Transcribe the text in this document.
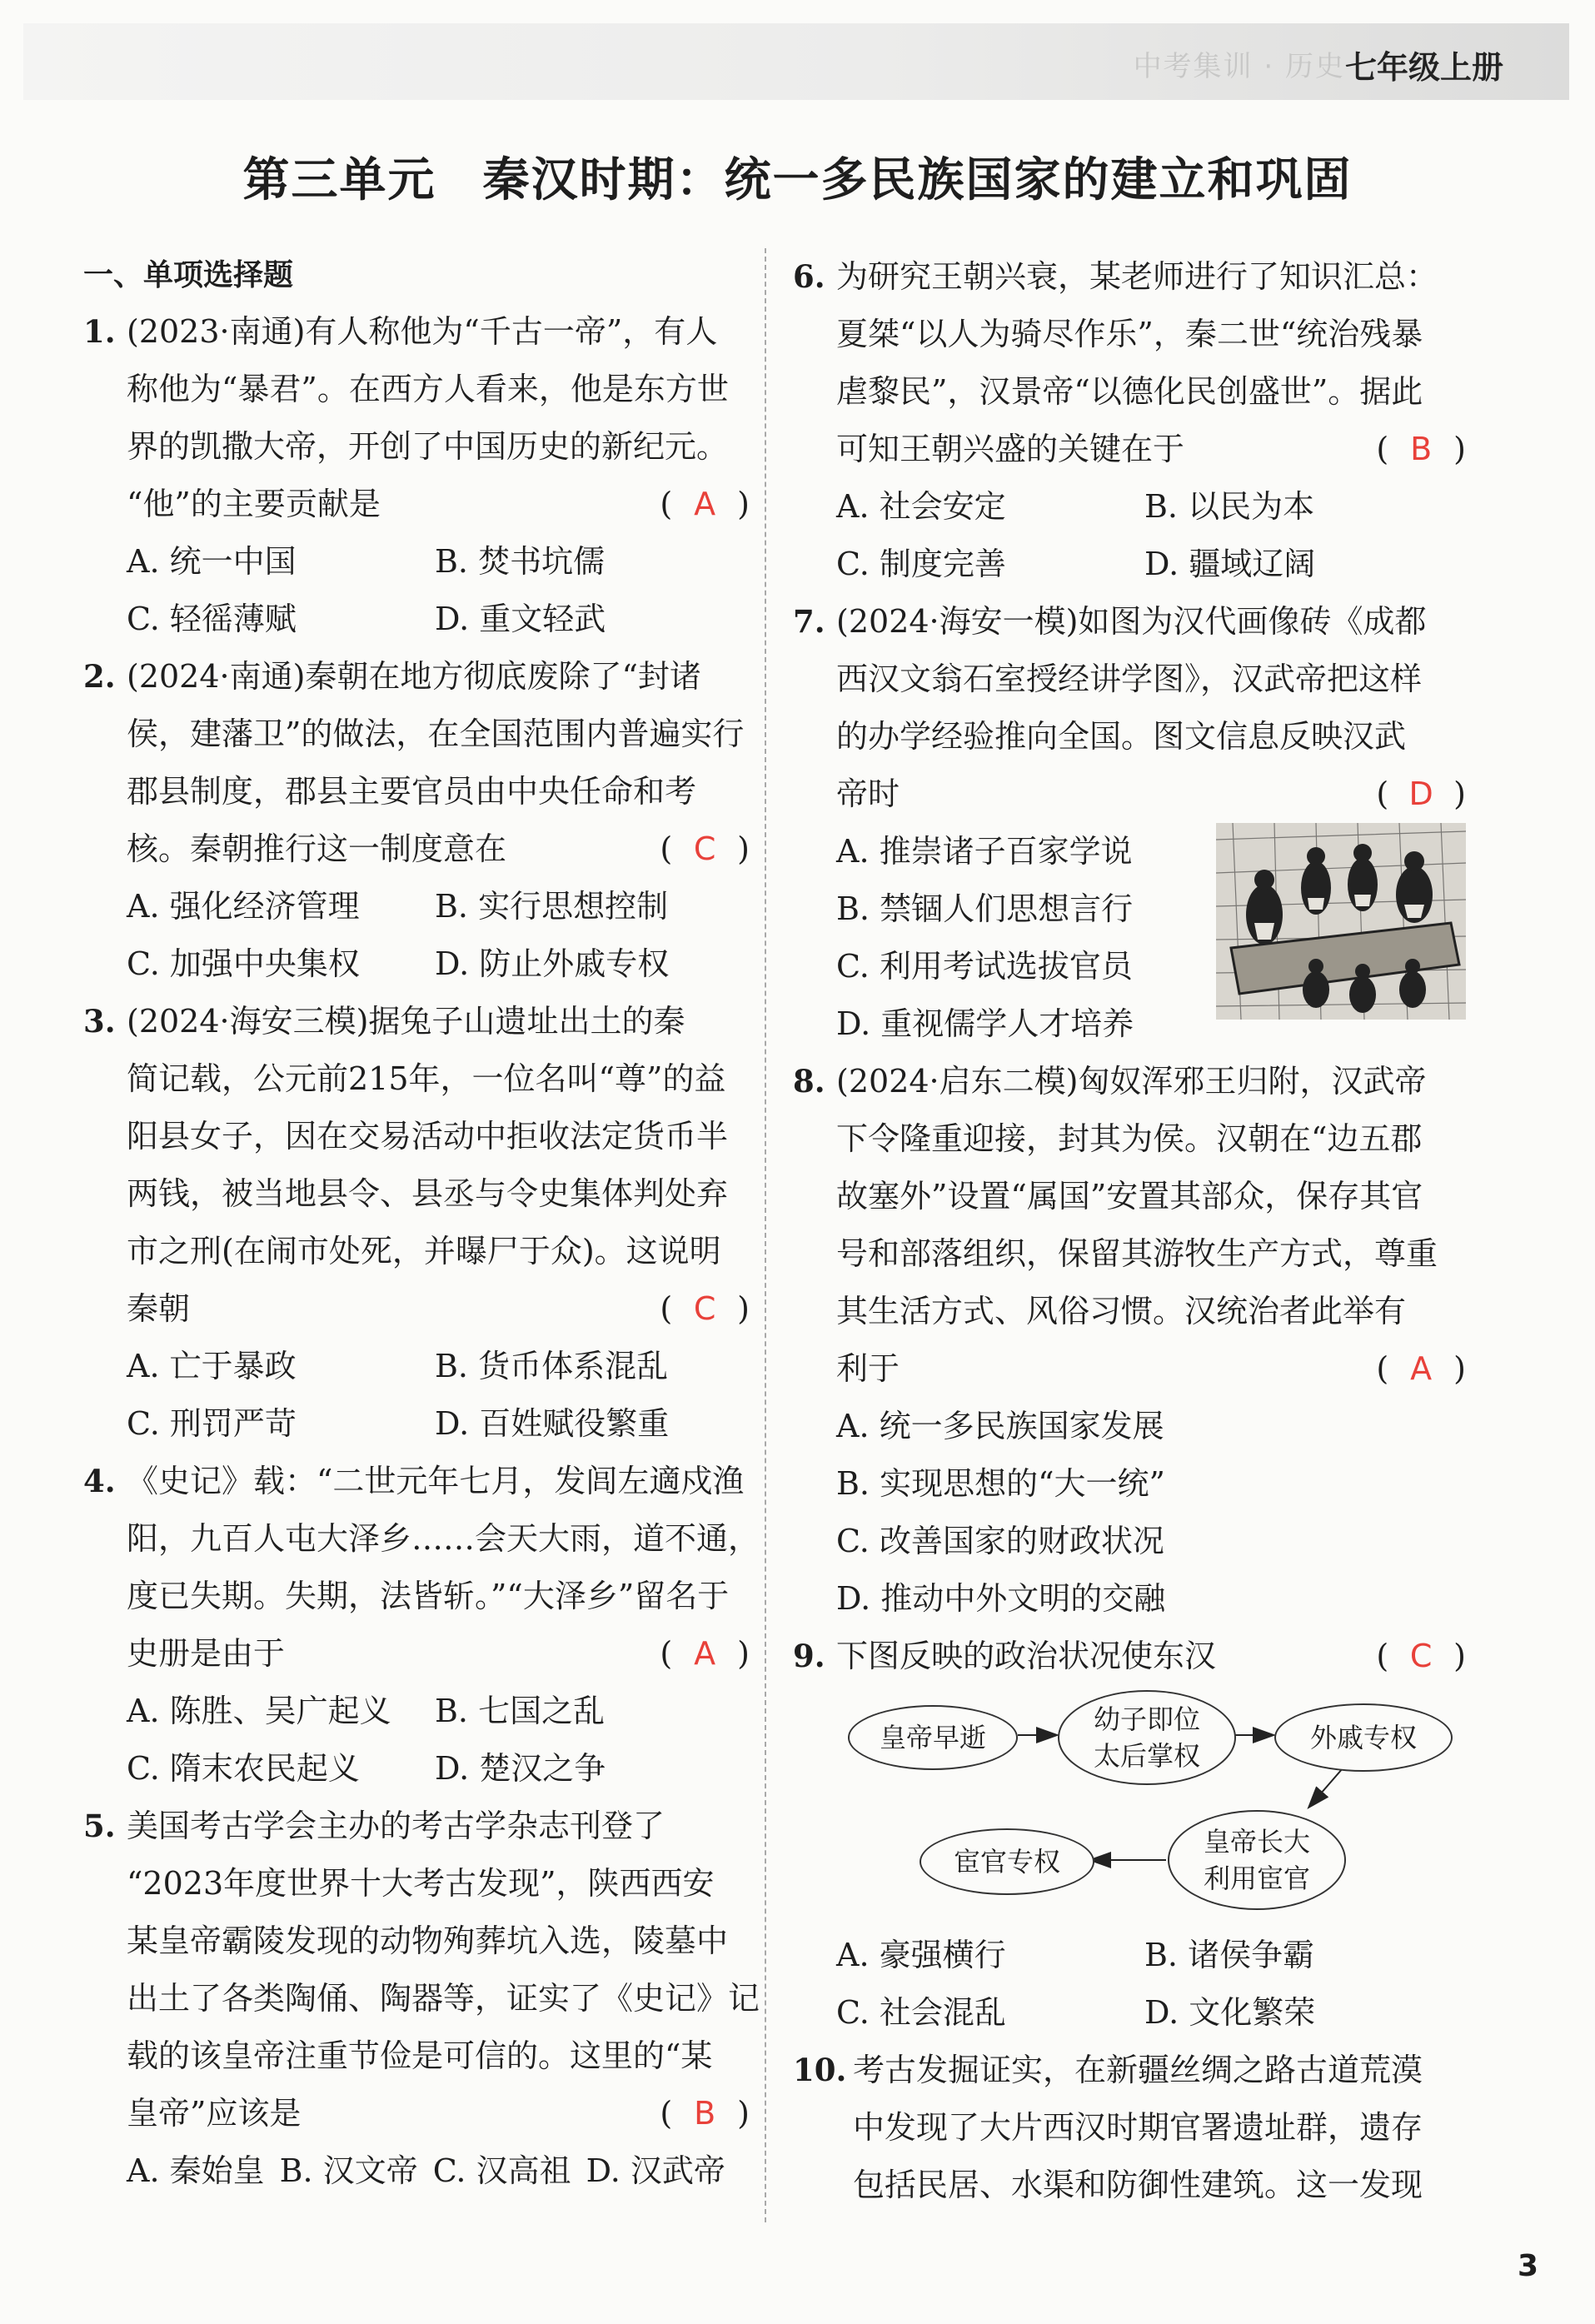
中考集训 · 历史 七年级上册
第三单元 秦汉时期：统一多民族国家的建立和巩固
一、单项选择题
1. (2023·南通)有人称他为“千古一帝”，有人
称他为“暴君”。在西方人看来，他是东方世
界的凯撒大帝，开创了中国历史的新纪元。
“他”的主要贡献是	( A )
A. 统一中国	B. 焚书坑儒
C. 轻徭薄赋	D. 重文轻武
2. (2024·南通)秦朝在地方彻底废除了“封诸
侯，建藩卫”的做法，在全国范围内普遍实行
郡县制度，郡县主要官员由中央任命和考
核。秦朝推行这一制度意在	( C )
A. 强化经济管理	B. 实行思想控制
C. 加强中央集权	D. 防止外戚专权
3. (2024·海安三模)据兔子山遗址出土的秦
简记载，公元前215年，一位名叫“尊”的益
阳县女子，因在交易活动中拒收法定货币半
两钱，被当地县令、县丞与令史集体判处弃
市之刑(在闹市处死，并曝尸于众)。这说明
秦朝	( C )
A. 亡于暴政	B. 货币体系混乱
C. 刑罚严苛	D. 百姓赋役繁重
4. 《史记》载：“二世元年七月，发闾左適戍渔
阳，九百人屯大泽乡……会天大雨，道不通，
度已失期。失期，法皆斩。”“大泽乡”留名于
史册是由于	( A )
A. 陈胜、吴广起义	B. 七国之乱
C. 隋末农民起义	D. 楚汉之争
5. 美国考古学会主办的考古学杂志刊登了
“2023年度世界十大考古发现”，陕西西安
某皇帝霸陵发现的动物殉葬坑入选，陵墓中
出土了各类陶俑、陶器等，证实了《史记》记
载的该皇帝注重节俭是可信的。这里的“某
皇帝”应该是	( B )
A. 秦始皇 B. 汉文帝 C. 汉高祖 D. 汉武帝
6. 为研究王朝兴衰，某老师进行了知识汇总：
夏桀“以人为骑尽作乐”，秦二世“统治残暴
虐黎民”，汉景帝“以德化民创盛世”。据此
可知王朝兴盛的关键在于	( B )
A. 社会安定	B. 以民为本
C. 制度完善	D. 疆域辽阔
7. (2024·海安一模)如图为汉代画像砖《成都
西汉文翁石室授经讲学图》，汉武帝把这样
的办学经验推向全国。图文信息反映汉武
帝时	( D )
A. 推崇诸子百家学说
B. 禁锢人们思想言行
C. 利用考试选拔官员
D. 重视儒学人才培养
8. (2024·启东二模)匈奴浑邪王归附，汉武帝
下令隆重迎接，封其为侯。汉朝在“边五郡
故塞外”设置“属国”安置其部众，保存其官
号和部落组织，保留其游牧生产方式，尊重
其生活方式、风俗习惯。汉统治者此举有
利于	( A )
A. 统一多民族国家发展
B. 实现思想的“大一统”
C. 改善国家的财政状况
D. 推动中外文明的交融
9. 下图反映的政治状况使东汉	( C )
皇帝早逝
幼子即位
太后掌权
外戚专权
皇帝长大
利用宦官
宦官专权
A. 豪强横行	B. 诸侯争霸
C. 社会混乱	D. 文化繁荣
10. 考古发掘证实，在新疆丝绸之路古道荒漠
中发现了大片西汉时期官署遗址群，遗存
包括民居、水渠和防御性建筑。这一发现
3
